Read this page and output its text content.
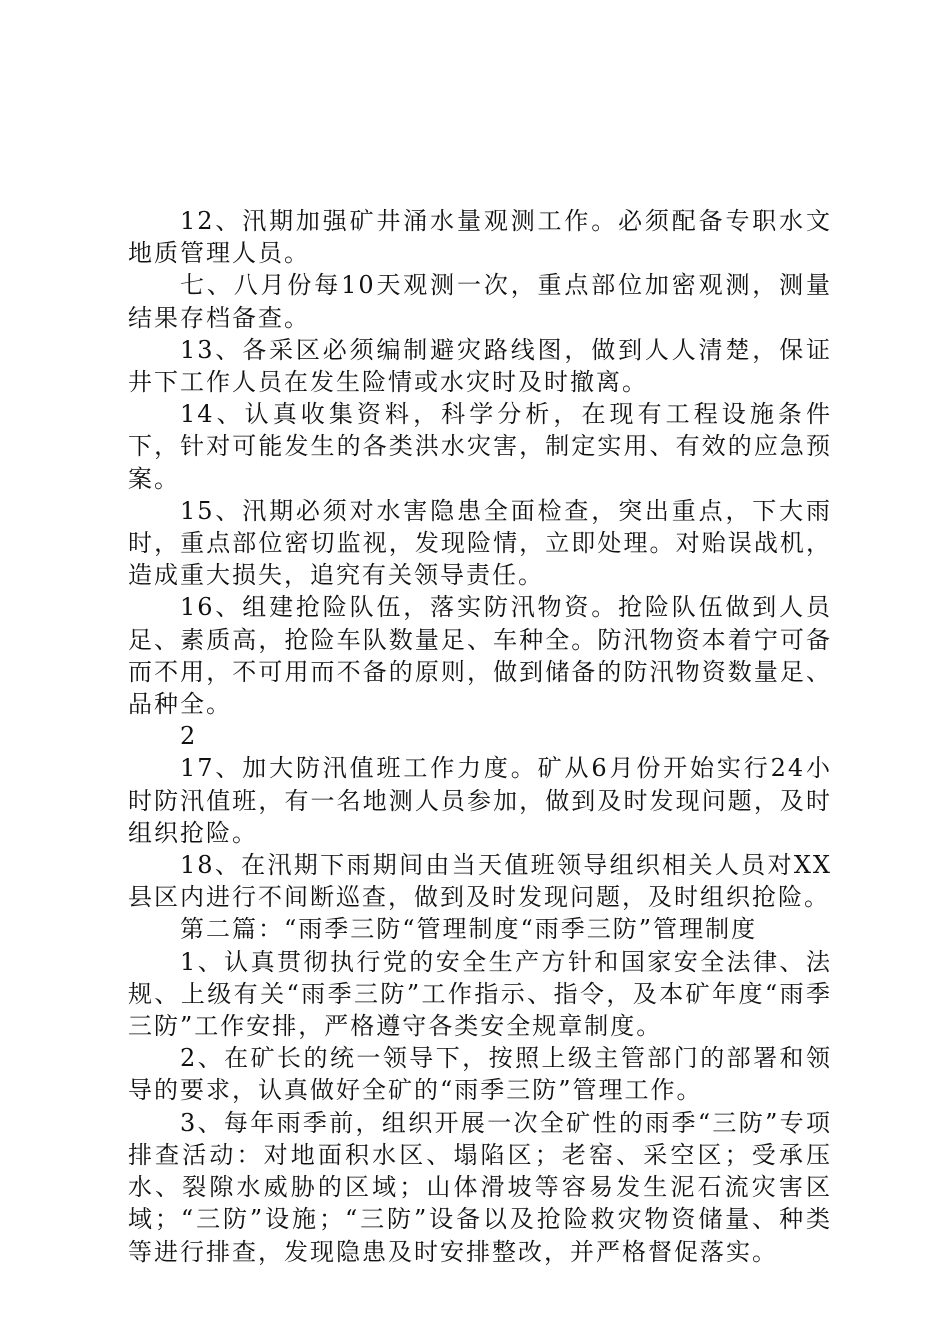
12、汛期加强矿井涌水量观测工作。必须配备专职水文地质管理人员。

七、八月份每10天观测一次，重点部位加密观测，测量结果存档备查。

13、各采区必须编制避灾路线图，做到人人清楚，保证井下工作人员在发生险情或水灾时及时撤离。

14、认真收集资料，科学分析，在现有工程设施条件下，针对可能发生的各类洪水灾害，制定实用、有效的应急预案。

15、汛期必须对水害隐患全面检查，突出重点，下大雨时，重点部位密切监视，发现险情，立即处理。对贻误战机，造成重大损失，追究有关领导责任。

16、组建抢险队伍，落实防汛物资。抢险队伍做到人员足、素质高，抢险车队数量足、车种全。防汛物资本着宁可备而不用，不可用而不备的原则，做到储备的防汛物资数量足、品种全。

2

17、加大防汛值班工作力度。矿从6月份开始实行24小时防汛值班，有一名地测人员参加，做到及时发现问题，及时组织抢险。

18、在汛期下雨期间由当天值班领导组织相关人员对XX县区内进行不间断巡查，做到及时发现问题，及时组织抢险。

第二篇：“雨季三防“管理制度“雨季三防”管理制度

1、认真贯彻执行党的安全生产方针和国家安全法律、法规、上级有关“雨季三防”工作指示、指令，及本矿年度“雨季三防”工作安排，严格遵守各类安全规章制度。

2、在矿长的统一领导下，按照上级主管部门的部署和领导的要求，认真做好全矿的“雨季三防”管理工作。

3、每年雨季前，组织开展一次全矿性的雨季“三防”专项排查活动：对地面积水区、塌陷区；老窑、采空区；受承压水、裂隙水威胁的区域；山体滑坡等容易发生泥石流灾害区域；“三防”设施；“三防”设备以及抢险救灾物资储量、种类等进行排查，发现隐患及时安排整改，并严格督促落实。
